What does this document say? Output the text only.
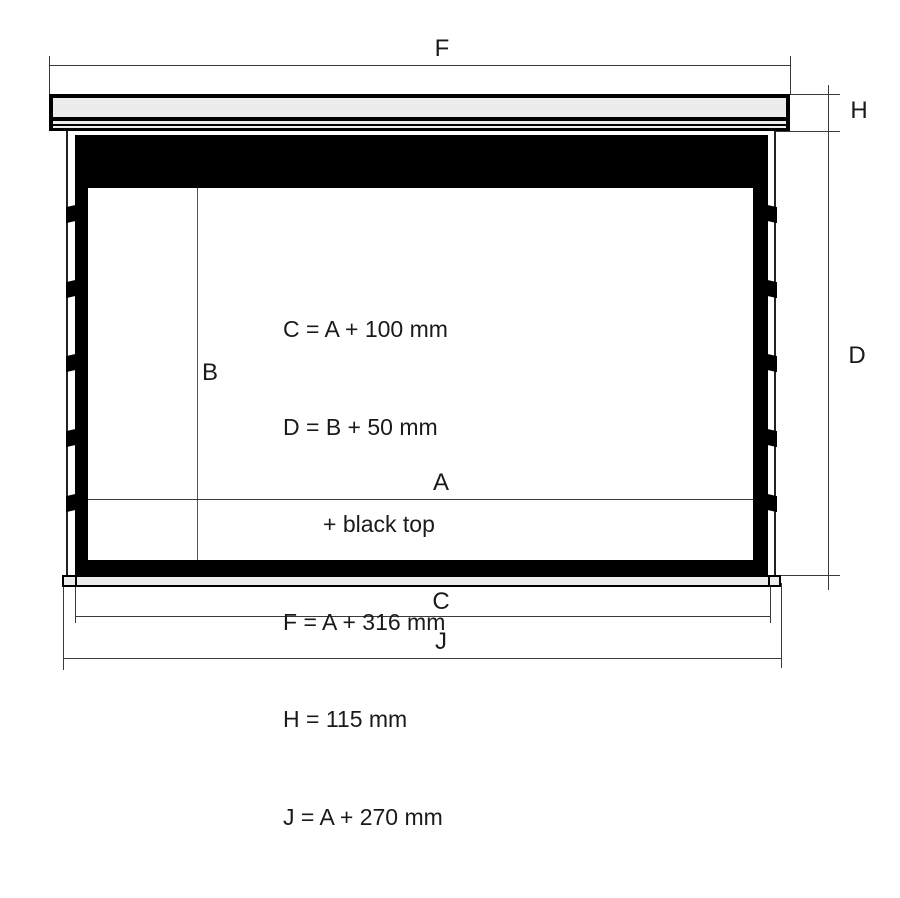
F
H
D
B
A
C
J

C = A + 100 mm

D = B + 50 mm

+ black top

F = A + 316 mm

H = 115 mm

J = A + 270 mm
